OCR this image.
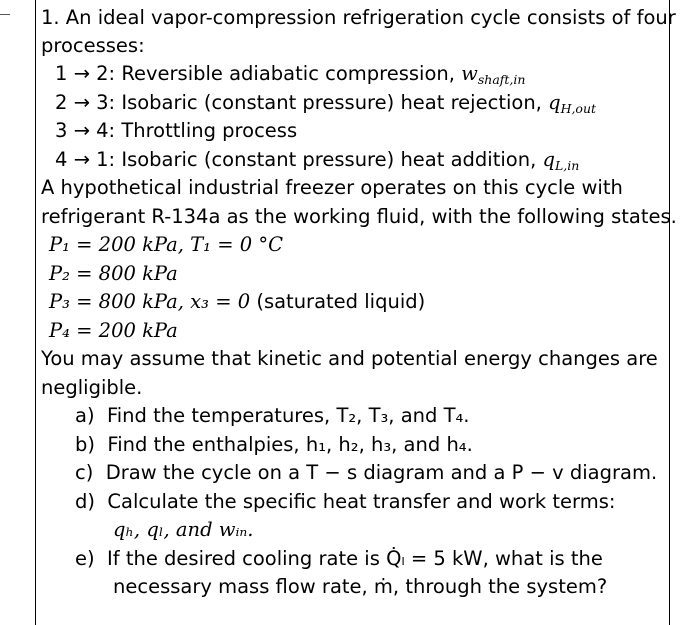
1. An ideal vapor-compression refrigeration cycle consists of four
processes:
1 → 2: Reversible adiabatic compression, $w_{shaft,in}$
2 → 3: Isobaric (constant pressure) heat rejection, $q_{H,out}$
3 → 4: Throttling process
4 → 1: Isobaric (constant pressure) heat addition, $q_{L,in}$
A hypothetical industrial freezer operates on this cycle with
refrigerant R-134a as the working fluid, with the following states.
P₁ = 200 kPa, T₁ = 0 °C
P₂ = 800 kPa
P₃ = 800 kPa, x₃ = 0 (saturated liquid)
P₄ = 200 kPa
You may assume that kinetic and potential energy changes are
negligible.
a) Find the temperatures, T₂, T₃, and T₄.
b) Find the enthalpies, h₁, h₂, h₃, and h₄.
c) Draw the cycle on a T − s diagram and a P − v diagram.
d) Calculate the specific heat transfer and work terms:
qₕ, qₗ, and wᵢₙ.
e) If the desired cooling rate is Q̇ₗ = 5 kW, what is the
necessary mass flow rate, ṁ, through the system?
